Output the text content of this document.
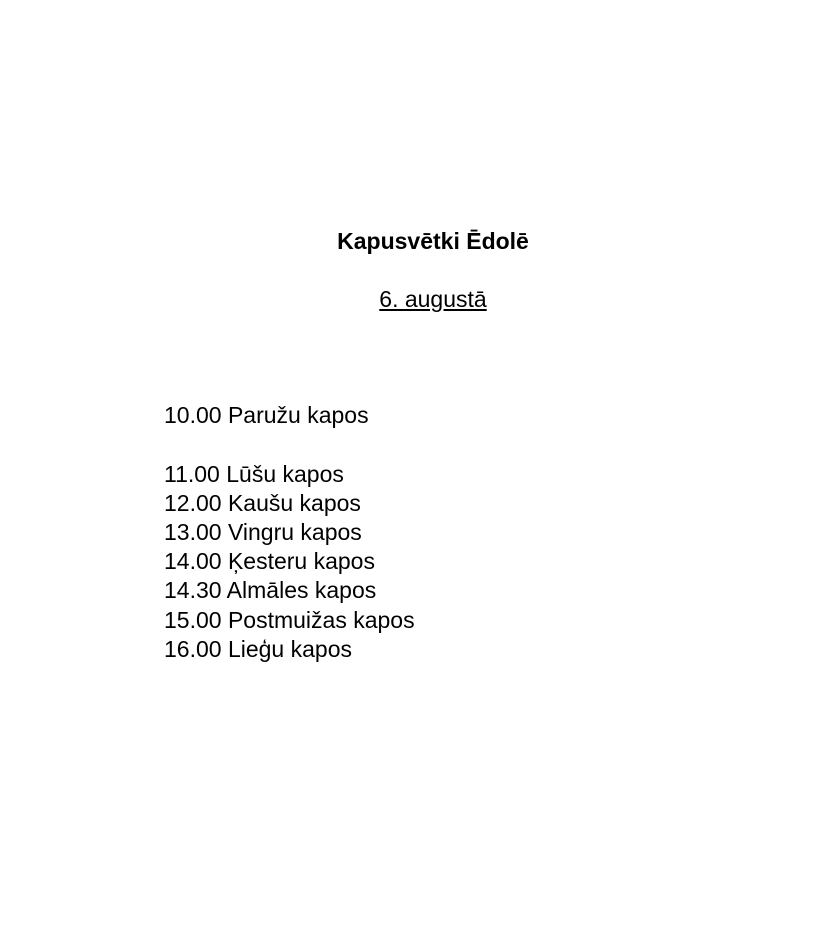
Kapusvētki Ēdolē
6. augustā
10.00 Paružu kapos
11.00 Lūšu kapos
12.00 Kaušu kapos
13.00 Vingru kapos
14.00 Ķesteru kapos
14.30 Almāles kapos
15.00 Postmuižas kapos
16.00 Lieģu kapos
